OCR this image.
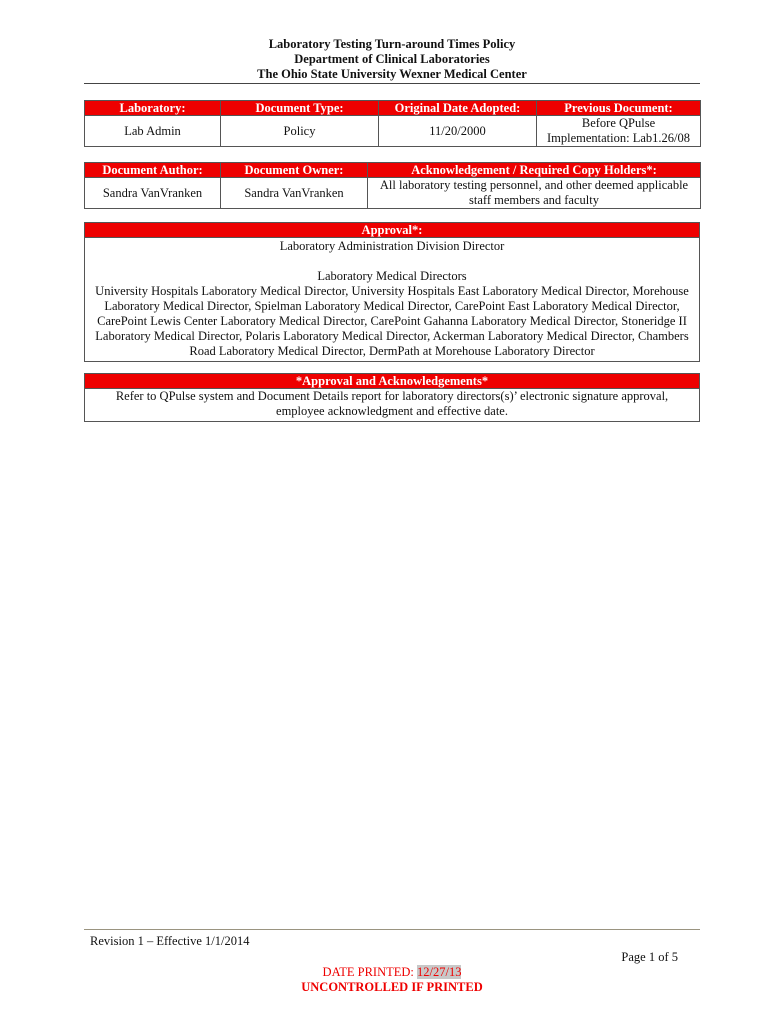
Laboratory Testing Turn-around Times Policy
Department of Clinical Laboratories
The Ohio State University Wexner Medical Center
Laboratory:	Document Type:	Original Date Adopted:	Previous Document:
Lab Admin	Policy	11/20/2000	Before QPulse
Implementation: Lab1.26/08
Document Author:	Document Owner:	Acknowledgement / Required Copy Holders*:
Sandra VanVranken	Sandra VanVranken	All laboratory testing personnel, and other deemed applicable staff members and faculty
Approval*:

Laboratory Administration Division Director
Laboratory Medical Directors
University Hospitals Laboratory Medical Director, University Hospitals East Laboratory Medical Director, Morehouse Laboratory Medical Director, Spielman Laboratory Medical Director, CarePoint East Laboratory Medical Director, CarePoint Lewis Center Laboratory Medical Director, CarePoint Gahanna Laboratory Medical Director, Stoneridge II Laboratory Medical Director, Polaris Laboratory Medical Director, Ackerman Laboratory Medical Director, Chambers Road Laboratory Medical Director, DermPath at Morehouse Laboratory Director
*Approval and Acknowledgements*
Refer to QPulse system and Document Details report for laboratory directors(s)’ electronic signature approval, employee acknowledgment and effective date.
Revision 1 – Effective 1/1/2014
Page 1 of 5
DATE PRINTED: 12/27/13
UNCONTROLLED IF PRINTED
